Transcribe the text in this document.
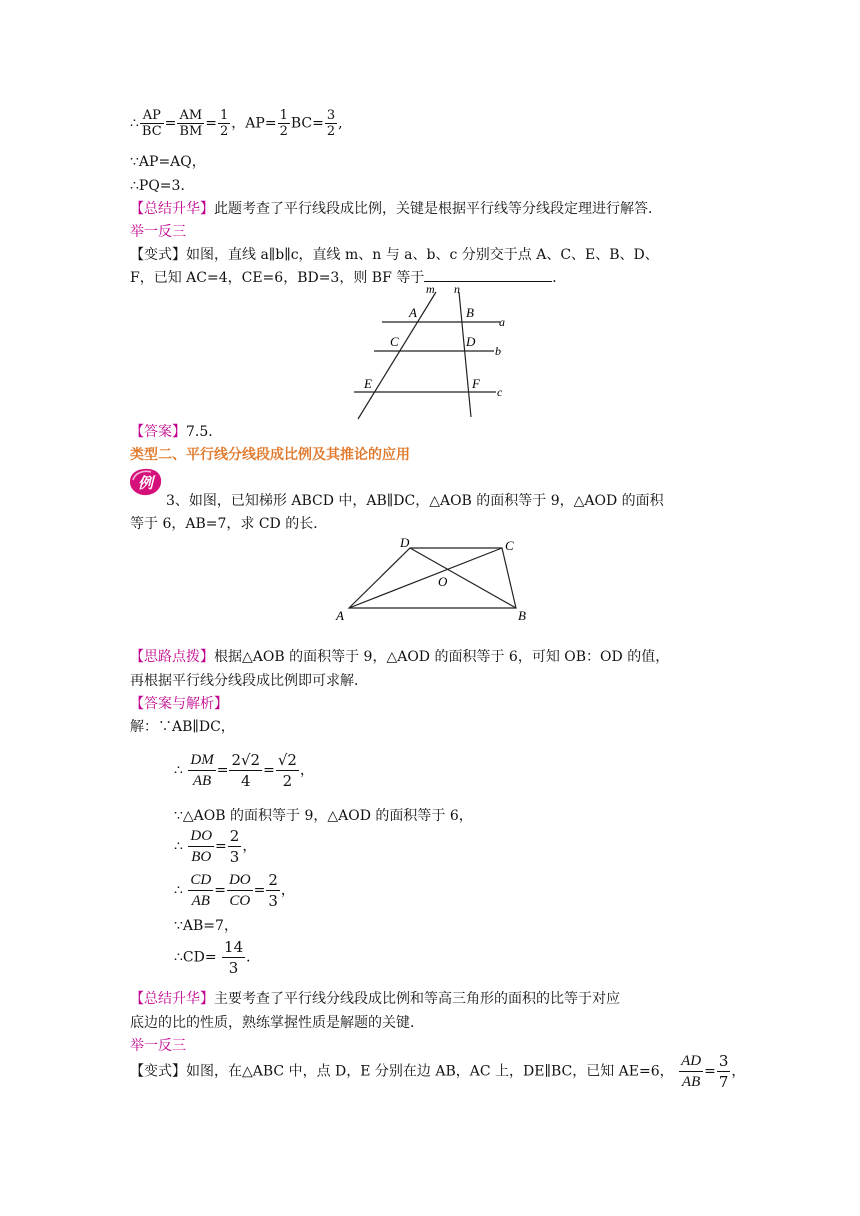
∴ $\frac{AP}{BC} = \frac{AM}{BM} = \frac{1}{2}$ ，$AP= \frac{1}{2} BC= \frac{3}{2}$ ,
∵AP=AQ，
∴PQ=3．
【总结升华】此题考查了平行线段成比例，关键是根据平行线等分线段定理进行解答．
举一反三
【变式】如图，直线 a∥b∥c，直线 m、n 与 a、b、c 分别交于点 A、C、E、B、D、
F，已知 AC=4，CE=6，BD=3，则 BF 等于	．
m n
A	B
a
C	D
b
E	F
c
【答案】7.5.
类型二、平行线分线段成比例及其推论的应用
例
3、如图，已知梯形 ABCD 中，AB∥DC，△AOB 的面积等于 9，△AOD 的面积
等于 6，AB=7，求 CD 的长．
D	C
O
A	B
【思路点拨】根据△AOB 的面积等于 9，△AOD 的面积等于 6，可知 OB：OD 的值，
再根据平行线分线段成比例即可求解．
【答案与解析】
解：∵AB∥DC，
∴ $\frac{DM}{AB} = \frac{2√2}{4} = \frac{√2}{2}$ ，
∵△AOB 的面积等于 9，△AOD 的面积等于 6，
∴ $\frac{DO}{BO} = \frac{2}{3}$ ，
∴ $\frac{CD}{AB} = \frac{DO}{CO} = \frac{2}{3}$ ，
∵AB=7，
∴CD= $\frac{14}{3}$ ．
【总结升华】主要考查了平行线分线段成比例和等高三角形的面积的比等于对应
底边的比的性质，熟练掌握性质是解题的关键．
举一反三
【变式】如图，在△ABC 中，点 D，E 分别在边 AB，AC 上，DE∥BC，已知 AE=6， $\frac{AD}{AB} = \frac{3}{7}$ ，
